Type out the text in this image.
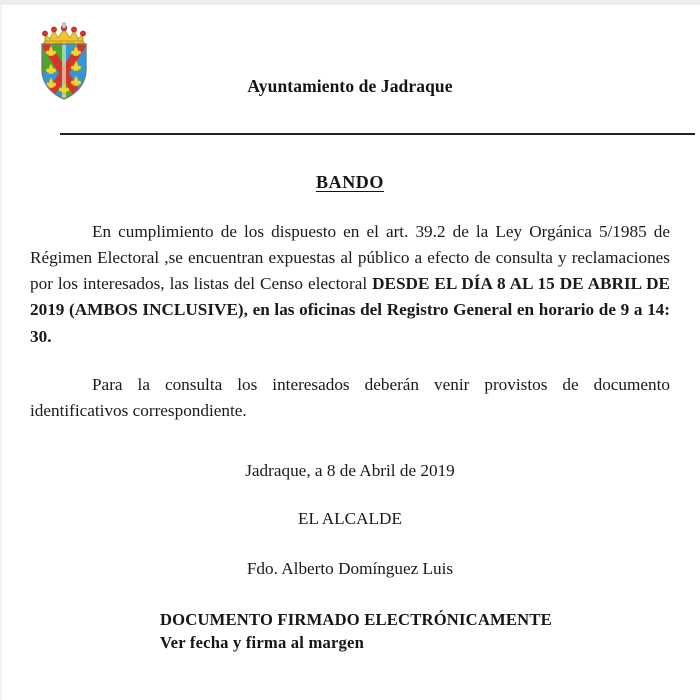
Ayuntamiento de Jadraque
BANDO

En cumplimiento de los dispuesto en el art. 39.2 de la Ley Orgánica 5/1985 de Régimen Electoral ,se encuentran expuestas al público a efecto de consulta y reclamaciones por los interesados, las listas del Censo electoral DESDE EL DÍA 8 AL 15 DE ABRIL DE 2019 (AMBOS INCLUSIVE), en las oficinas del Registro General en horario de 9 a 14: 30.

Para la consulta los interesados deberán venir provistos de documento identificativos correspondiente.

Jadraque, a 8 de Abril de 2019
EL ALCALDE
Fdo. Alberto Domínguez Luis
DOCUMENTO FIRMADO ELECTRÓNICAMENTE
Ver fecha y firma al margen
